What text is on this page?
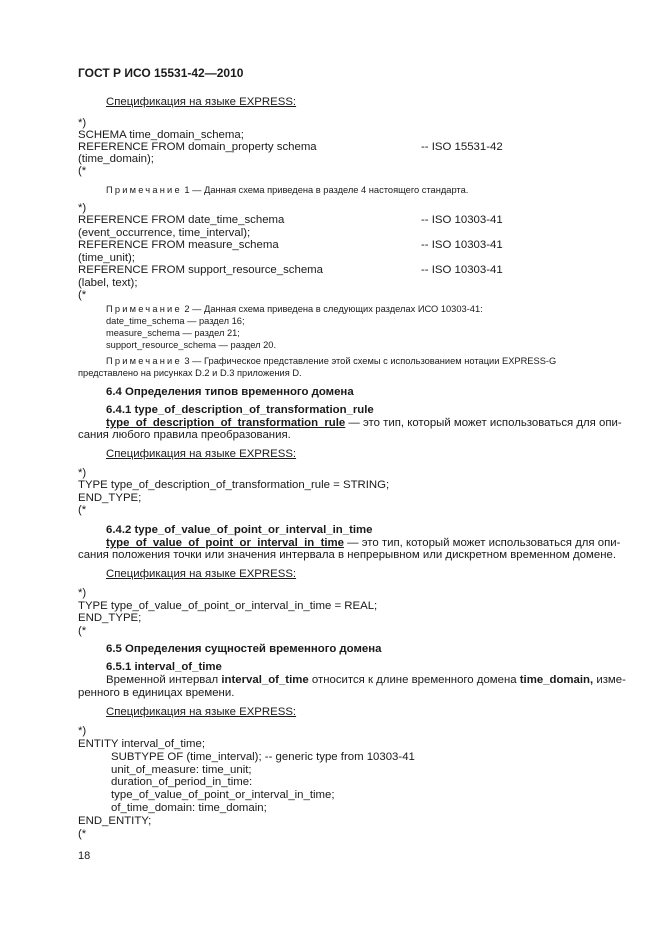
ГОСТ Р ИСО 15531-42—2010
Спецификация на языке EXPRESS:
*)
SCHEMA time_domain_schema;
REFERENCE FROM domain_property schema	-- ISO 15531-42
(time_domain);
(*
Примечание 1 — Данная схема приведена в разделе 4 настоящего стандарта.
*)
REFERENCE FROM date_time_schema	-- ISO 10303-41
(event_occurrence, time_interval);
REFERENCE FROM measure_schema	-- ISO 10303-41
(time_unit);
REFERENCE FROM support_resource_schema	-- ISO 10303-41
(label, text);
(*
Примечание 2 — Данная схема приведена в следующих разделах ИСО 10303-41:
date_time_schema — раздел 16;
measure_schema — раздел 21;
support_resource_schema — раздел 20.
Примечание 3 — Графическое представление этой схемы с использованием нотации EXPRESS-G
представлено на рисунках D.2 и D.3 приложения D.
6.4 Определения типов временного домена
6.4.1 type_of_description_of_transformation_rule
type_of_description_of_transformation_rule — это тип, который может использоваться для опи-
сания любого правила преобразования.
Спецификация на языке EXPRESS:
*)
TYPE type_of_description_of_transformation_rule = STRING;
END_TYPE;
(*
6.4.2 type_of_value_of_point_or_interval_in_time
type_of_value_of_point_or_interval_in_time — это тип, который может использоваться для опи-
сания положения точки или значения интервала в непрерывном или дискретном временном домене.
Спецификация на языке EXPRESS:
*)
TYPE type_of_value_of_point_or_interval_in_time = REAL;
END_TYPE;
(*
6.5 Определения сущностей временного домена
6.5.1 interval_of_time
Временной интервал interval_of_time относится к длине временного домена time_domain, изме-
ренного в единицах времени.
Спецификация на языке EXPRESS:
*)
ENTITY interval_of_time;
SUBTYPE OF (time_interval); -- generic type from 10303-41
unit_of_measure: time_unit;
duration_of_period_in_time:
type_of_value_of_point_or_interval_in_time;
of_time_domain: time_domain;
END_ENTITY;
(*
18
